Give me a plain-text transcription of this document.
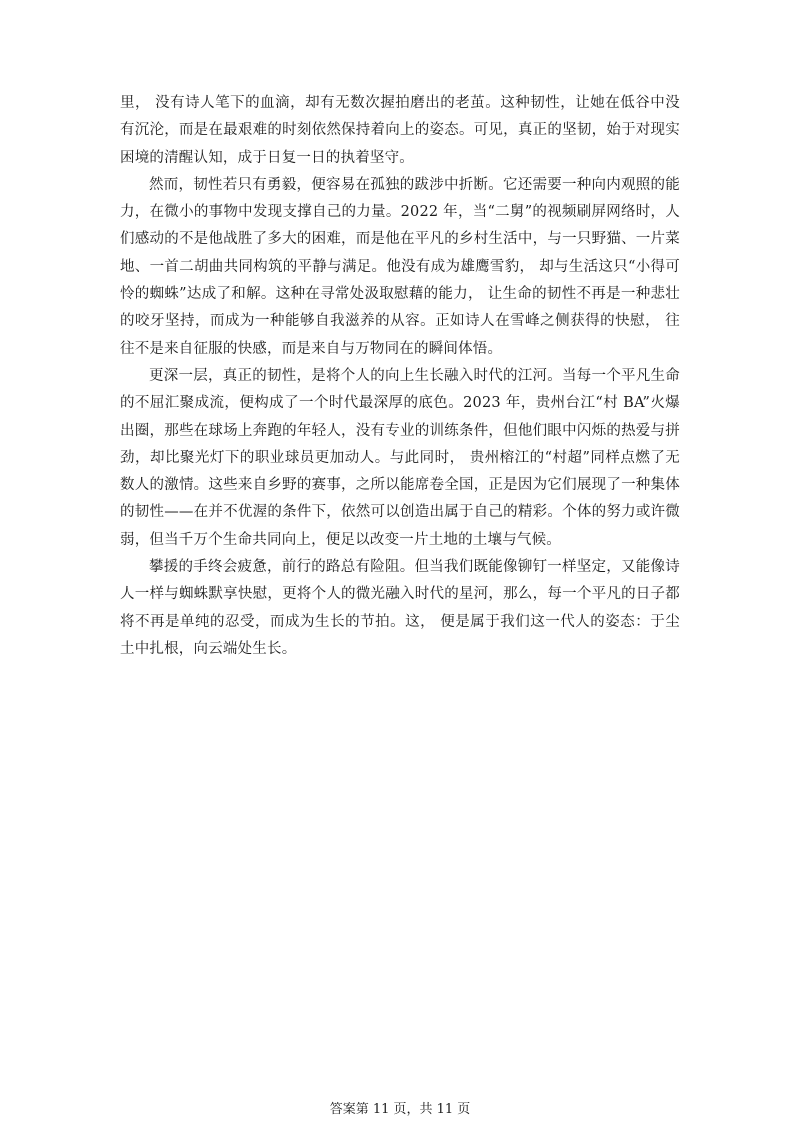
里， 没有诗人笔下的血滴，却有无数次握拍磨出的老茧。这种韧性，让她在低谷中没有沉沦，而是在最艰难的时刻依然保持着向上的姿态。可见，真正的坚韧，始于对现实困境的清醒认知，成于日复一日的执着坚守。

然而，韧性若只有勇毅，便容易在孤独的跋涉中折断。它还需要一种向内观照的能力，在微小的事物中发现支撑自己的力量。2022 年，当“二舅”的视频刷屏网络时，人们感动的不是他战胜了多大的困难，而是他在平凡的乡村生活中，与一只野猫、一片菜地、一首二胡曲共同构筑的平静与满足。他没有成为雄鹰雪豹， 却与生活这只“小得可怜的蜘蛛”达成了和解。这种在寻常处汲取慰藉的能力， 让生命的韧性不再是一种悲壮的咬牙坚持，而成为一种能够自我滋养的从容。正如诗人在雪峰之侧获得的快慰， 往往不是来自征服的快感，而是来自与万物同在的瞬间体悟。

更深一层，真正的韧性，是将个人的向上生长融入时代的江河。当每一个平凡生命的不屈汇聚成流，便构成了一个时代最深厚的底色。2023 年，贵州台江“村 BA”火爆出圈，那些在球场上奔跑的年轻人，没有专业的训练条件，但他们眼中闪烁的热爱与拼劲，却比聚光灯下的职业球员更加动人。与此同时， 贵州榕江的“村超”同样点燃了无数人的激情。这些来自乡野的赛事，之所以能席卷全国，正是因为它们展现了一种集体的韧性——在并不优渥的条件下，依然可以创造出属于自己的精彩。个体的努力或许微弱，但当千万个生命共同向上，便足以改变一片土地的土壤与气候。

攀援的手终会疲惫，前行的路总有险阻。但当我们既能像铆钉一样坚定，又能像诗人一样与蜘蛛默享快慰，更将个人的微光融入时代的星河，那么，每一个平凡的日子都将不再是单纯的忍受，而成为生长的节拍。这， 便是属于我们这一代人的姿态：于尘土中扎根，向云端处生长。

答案第 11 页，共 11 页
